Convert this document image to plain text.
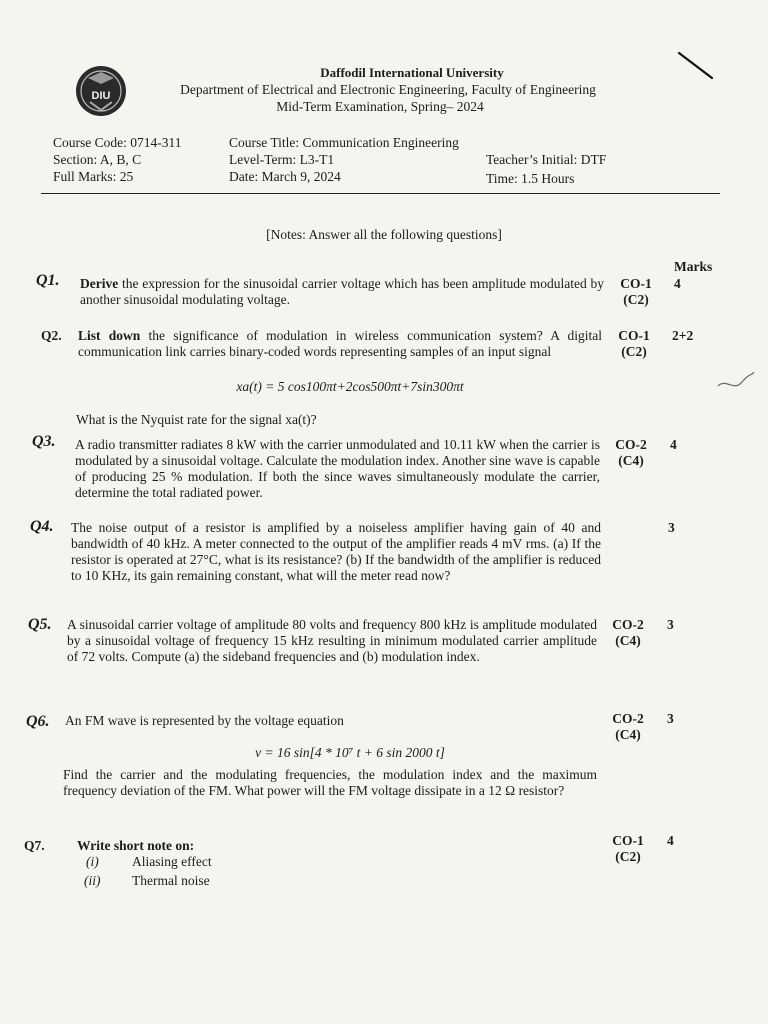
DIU
Daffodil International University
Department of Electrical and Electronic Engineering, Faculty of Engineering
Mid-Term Examination, Spring– 2024
Course Code: 0714-311
Section: A, B, C
Full Marks: 25
Course Title: Communication Engineering
Level-Term: L3-T1
Date: March 9, 2024
Teacher’s Initial: DTF
Time: 1.5 Hours
[Notes: Answer all the following questions]
Marks
Q1. Derive the expression for the sinusoidal carrier voltage which has been amplitude modulated by another sinusoidal modulating voltage.
CO-1
(C2)
4
Q2. List down the significance of modulation in wireless communication system? A digital communication link carries binary-coded words representing samples of an input signal
xa(t) = 5 cos100πt+2cos500πt+7sin300πt
What is the Nyquist rate for the signal xa(t)?
CO-1
(C2)
2+2
Q3. A radio transmitter radiates 8 kW with the carrier unmodulated and 10.11 kW when the carrier is modulated by a sinusoidal voltage. Calculate the modulation index. Another sine wave is capable of producing 25 % modulation. If both the since waves simultaneously modulate the carrier, determine the total radiated power.
CO-2
(C4)
4
Q4. The noise output of a resistor is amplified by a noiseless amplifier having gain of 40 and bandwidth of 40 kHz. A meter connected to the output of the amplifier reads 4 mV rms. (a) If the resistor is operated at 27°C, what is its resistance? (b) If the bandwidth of the amplifier is reduced to 10 KHz, its gain remaining constant, what will the meter read now?
3
Q5. A sinusoidal carrier voltage of amplitude 80 volts and frequency 800 kHz is amplitude modulated by a sinusoidal voltage of frequency 15 kHz resulting in minimum modulated carrier amplitude of 72 volts. Compute (a) the sideband frequencies and (b) modulation index.
CO-2
(C4)
3
Q6. An FM wave is represented by the voltage equation
v = 16 sin[4 * 10⁷ t + 6 sin 2000 t]
Find the carrier and the modulating frequencies, the modulation index and the maximum frequency deviation of the FM. What power will the FM voltage dissipate in a 12 Ω resistor?
CO-2
(C4)
3
Q7. Write short note on:
(i) Aliasing effect
(ii) Thermal noise
CO-1
(C2)
4
